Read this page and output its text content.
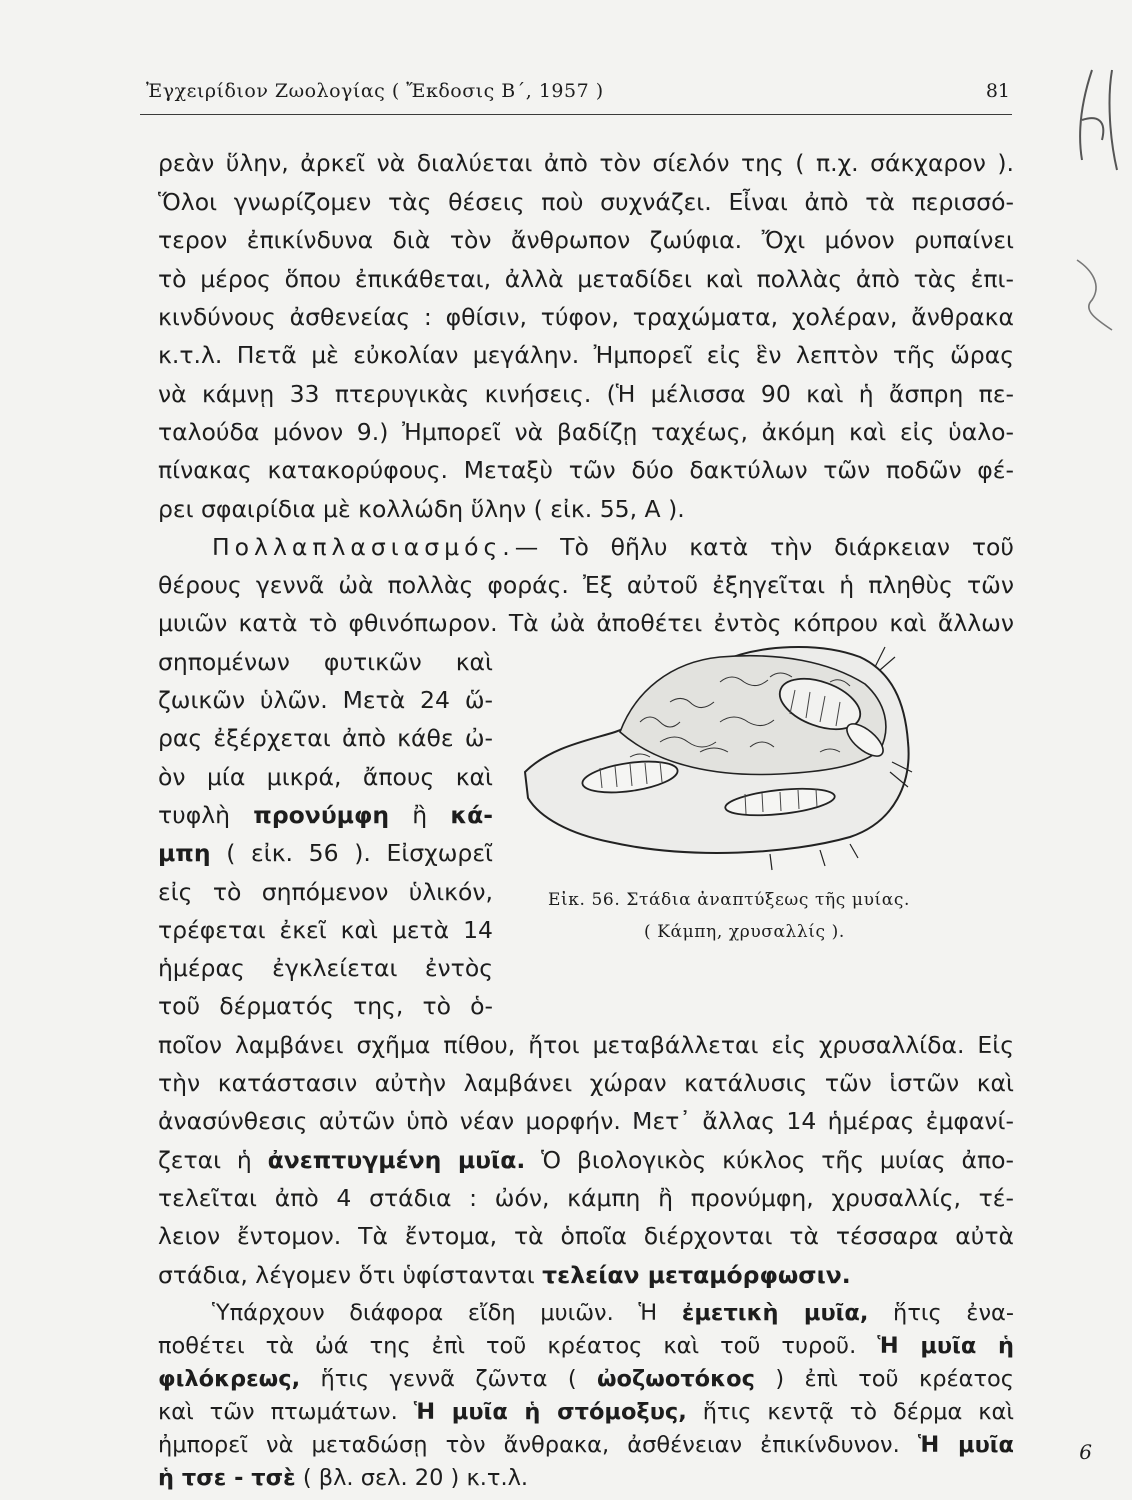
Ἐγχειρίδιον Ζωολογίας ( Ἔκδοσις Β΄, 1957 )	81
ρεὰν ὕλην, ἀρκεῖ νὰ διαλύεται ἀπὸ τὸν σίελόν της ( π.χ. σάκχαρον ).
Ὅλοι γνωρίζομεν τὰς θέσεις ποὺ συχνάζει. Εἶναι ἀπὸ τὰ περισσό-
τερον ἐπικίνδυνα διὰ τὸν ἄνθρωπον ζωύφια. Ὄχι μόνον ρυπαίνει
τὸ μέρος ὅπου ἐπικάθεται, ἀλλὰ μεταδίδει καὶ πολλὰς ἀπὸ τὰς ἐπι-
κινδύνους ἀσθενείας : φθίσιν, τύφον, τραχώματα, χολέραν, ἄνθρακα
κ.τ.λ. Πετᾶ μὲ εὐκολίαν μεγάλην. Ἠμπορεῖ εἰς ἓν λεπτὸν τῆς ὥρας
νὰ κάμνῃ 33 πτερυγικὰς κινήσεις. (Ἡ μέλισσα 90 καὶ ἡ ἄσπρη πε-
ταλούδα μόνον 9.) Ἠμπορεῖ νὰ βαδίζῃ ταχέως, ἀκόμη καὶ εἰς ὑαλο-
πίνακας κατακορύφους. Μεταξὺ τῶν δύο δακτύλων τῶν ποδῶν φέ-
ρει σφαιρίδια μὲ κολλώδη ὕλην ( εἰκ. 55, Α ).
Πολλαπλασιασμός.— Τὸ θῆλυ κατὰ τὴν διάρκειαν τοῦ
θέρους γεννᾶ ὠὰ πολλὰς φοράς. Ἐξ αὐτοῦ ἐξηγεῖται ἡ πληθὺς τῶν
μυιῶν κατὰ τὸ φθινόπωρον. Τὰ ὠὰ ἀποθέτει ἐντὸς κόπρου καὶ ἄλλων
σηπομένων φυτικῶν καὶ
ζωικῶν ὑλῶν. Μετὰ 24 ὥ-
ρας ἐξέρχεται ἀπὸ κάθε ὠ-
ὸν μία μικρά, ἄπους καὶ
τυφλὴ προνύμφη ἢ κά-
μπη ( εἰκ. 56 ). Εἰσχωρεῖ
εἰς τὸ σηπόμενον ὑλικόν,
τρέφεται ἐκεῖ καὶ μετὰ 14
ἡμέρας ἐγκλείεται ἐντὸς
τοῦ δέρματός της, τὸ ὁ-
Εἰκ. 56. Στάδια ἀναπτύξεως τῆς μυίας.
( Κάμπη, χρυσαλλίς ).
ποῖον λαμβάνει σχῆμα πίθου, ἤτοι μεταβάλλεται εἰς χρυσαλλίδα. Εἰς
τὴν κατάστασιν αὐτὴν λαμβάνει χώραν κατάλυσις τῶν ἱστῶν καὶ
ἀνασύνθεσις αὐτῶν ὑπὸ νέαν μορφήν. Μετ᾽ ἄλλας 14 ἡμέρας ἐμφανί-
ζεται ἡ ἀνεπτυγμένη μυῖα. Ὁ βιολογικὸς κύκλος τῆς μυίας ἀπο-
τελεῖται ἀπὸ 4 στάδια : ὠόν, κάμπη ἢ προνύμφη, χρυσαλλίς, τέ-
λειον ἔντομον. Τὰ ἔντομα, τὰ ὁποῖα διέρχονται τὰ τέσσαρα αὐτὰ
στάδια, λέγομεν ὅτι ὑφίστανται τελείαν μεταμόρφωσιν.
Ὑπάρχουν διάφορα εἴδη μυιῶν. Ἡ ἐμετικὴ μυῖα, ἥτις ἐνα-
6
ποθέτει τὰ ὠά της ἐπὶ τοῦ κρέατος καὶ τοῦ τυροῦ. Ἡ μυῖα ἡ
φιλόκρεως, ἥτις γεννᾶ ζῶντα ( ὠοζωοτόκος ) ἐπὶ τοῦ κρέατος
καὶ τῶν πτωμάτων. Ἡ μυῖα ἡ στόμοξυς, ἥτις κεντᾷ τὸ δέρμα καὶ
ἠμπορεῖ νὰ μεταδώσῃ τὸν ἄνθρακα, ἀσθένειαν ἐπικίνδυνον. Ἡ μυῖα
ἡ τσε - τσὲ ( βλ. σελ. 20 ) κ.τ.λ.
